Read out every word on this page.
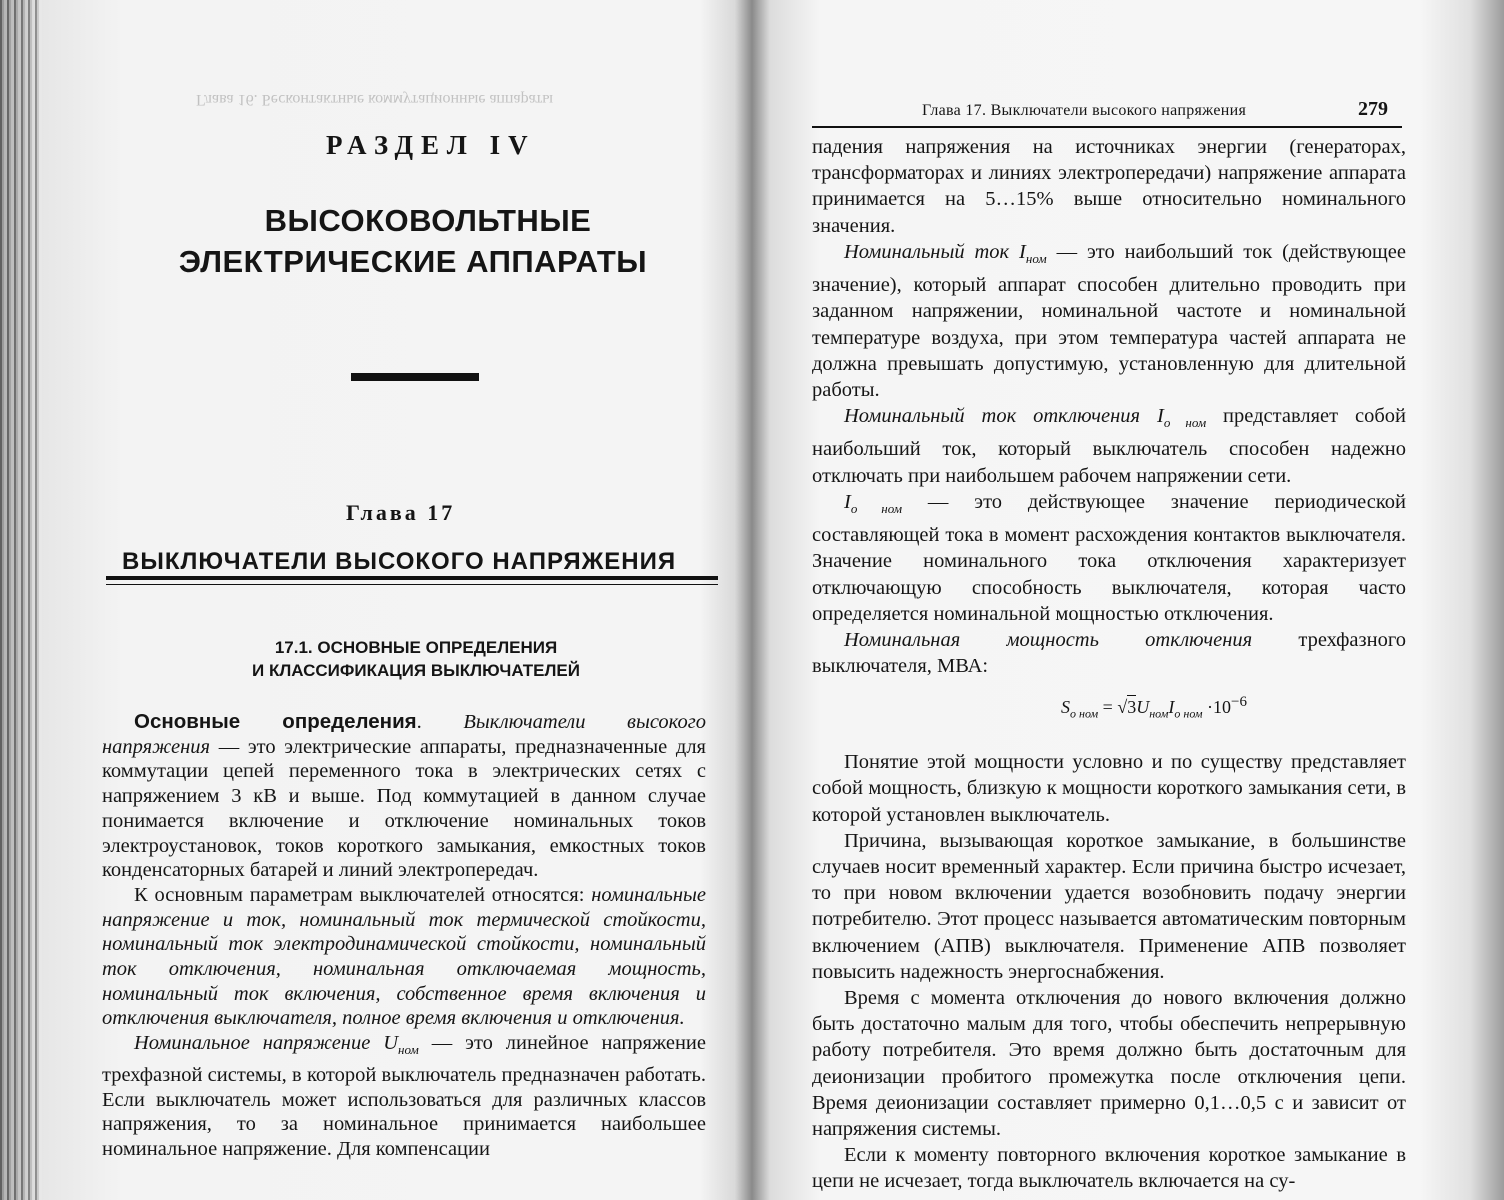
Глава 16. Бесконтактные коммутационные аппараты
РАЗДЕЛ IV
ВЫСОКОВОЛЬТНЫЕ

ЭЛЕКТРИЧЕСКИЕ АППАРАТЫ
Глава 17
ВЫКЛЮЧАТЕЛИ ВЫСОКОГО НАПРЯЖЕНИЯ
17.1. ОСНОВНЫЕ ОПРЕДЕЛЕНИЯ
И КЛАССИФИКАЦИЯ ВЫКЛЮЧАТЕЛЕЙ

Основные определения. Выключатели высокого напряжения — это электрические аппараты, предназначенные для коммутации цепей переменного тока в электрических сетях с напряжением 3 кВ и выше. Под коммутацией в данном случае понимается включение и отключение номинальных токов электроустановок, токов короткого замыкания, емкостных токов конденсаторных батарей и линий электропередач.

К основным параметрам выключателей относятся: номинальные напряжение и ток, номинальный ток термической стойкости, номинальный ток электродинамической стойкости, номинальный ток отключения, номинальная отключаемая мощность, номинальный ток включения, собственное время включения и отключения выключателя, полное время включения и отключения.

Номинальное напряжение $U_{ном}$ — это линейное напряжение трехфазной системы, в которой выключатель предназначен работать. Если выключатель может использоваться для различных классов напряжения, то за номинальное принимается наибольшее номинальное напряжение. Для компенсации

Глава 17. Выключатели высокого напряжения	279

падения напряжения на источниках энергии (генераторах, трансформаторах и линиях электропередачи) напряжение аппарата принимается на 5…15% выше относительно номинального значения.

Номинальный ток $I_{ном}$ — это наибольший ток (действующее значение), который аппарат способен длительно проводить при заданном напряжении, номинальной частоте и номинальной температуре воздуха, при этом температура частей аппарата не должна превышать допустимую, установленную для длительной работы.

Номинальный ток отключения $I_{о ном}$ представляет собой наибольший ток, который выключатель способен надежно отключать при наибольшем рабочем напряжении сети.

$I_{о ном}$ — это действующее значение периодической составляющей тока в момент расхождения контактов выключателя. Значение номинального тока отключения характеризует отключающую способность выключателя, которая часто определяется номинальной мощностью отключения.

Номинальная мощность отключения трехфазного выключателя, МВА:

$S_{о ном} = √3U_{ном}I_{о ном} \cdot 10^{-6}$

Понятие этой мощности условно и по существу представляет собой мощность, близкую к мощности короткого замыкания сети, в которой установлен выключатель.

Причина, вызывающая короткое замыкание, в большинстве случаев носит временный характер. Если причина быстро исчезает, то при новом включении удается возобновить подачу энергии потребителю. Этот процесс называется автоматическим повторным включением (АПВ) выключателя. Применение АПВ позволяет повысить надежность энергоснабжения.

Время с момента отключения до нового включения должно быть достаточно малым для того, чтобы обеспечить непрерывную работу потребителя. Это время должно быть достаточным для деионизации пробитого промежутка после отключения цепи. Время деионизации составляет примерно 0,1…0,5 с и зависит от напряжения системы.

Если к моменту повторного включения короткое замыкание в цепи не исчезает, тогда выключатель включается на су-
